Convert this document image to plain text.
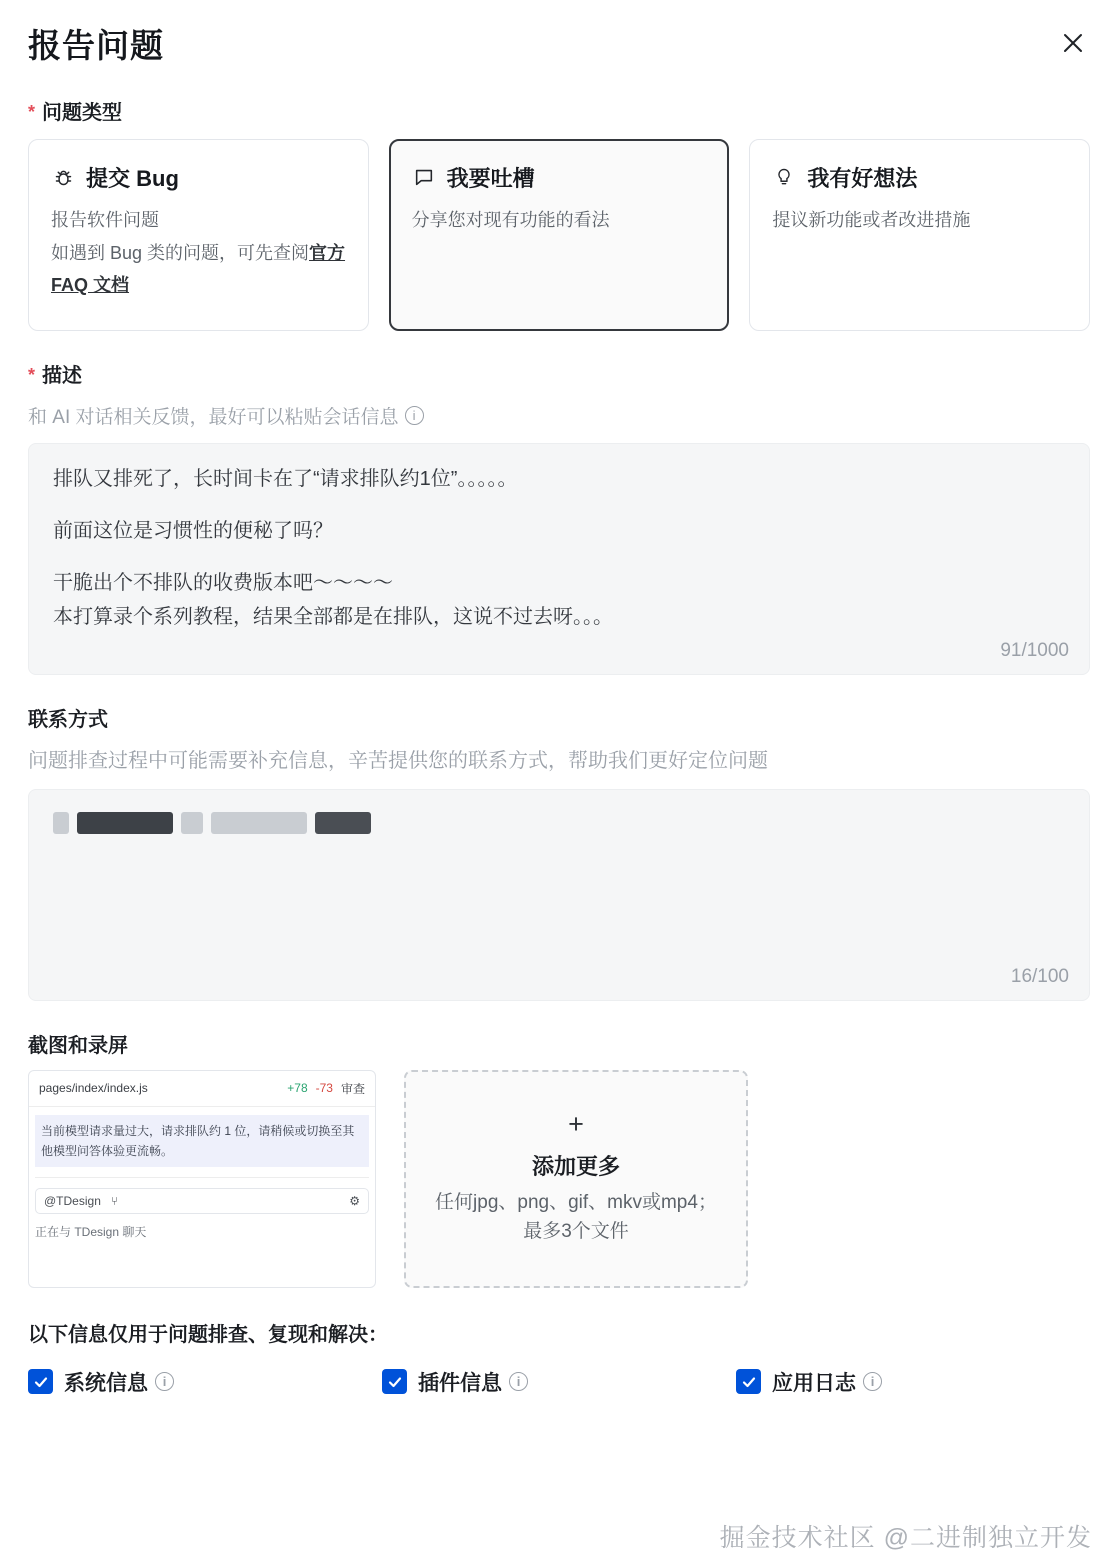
报告问题
* 问题类型
提交 Bug
报告软件问题
如遇到 Bug 类的问题，可先查阅官方 FAQ 文档
我要吐槽
分享您对现有功能的看法
我有好想法
提议新功能或者改进措施
* 描述
和 AI 对话相关反馈，最好可以粘贴会话信息	i

排队又排死了，长时间卡在了“请求排队约1位”。。。。。

前面这位是习惯性的便秘了吗？

干脆出个不排队的收费版本吧～～～～

本打算录个系列教程，结果全部都是在排队，这说不过去呀。。。

91/1000
联系方式
问题排查过程中可能需要补充信息，辛苦提供您的联系方式，帮助我们更好定位问题
16/100
截图和录屏
pages/index/index.js	+78 -73 审查
当前模型请求量过大，请求排队约 1 位，请稍候或切换至其他模型问答体验更流畅。
@TDesign ⑂	⚙
正在与 TDesign 聊天
+
添加更多
任何jpg、png、gif、mkv或mp4；最多3个文件
以下信息仅用于问题排查、复现和解决：
系统信息	i	插件信息	i	应用日志	i
掘金技术社区 @二进制独立开发
